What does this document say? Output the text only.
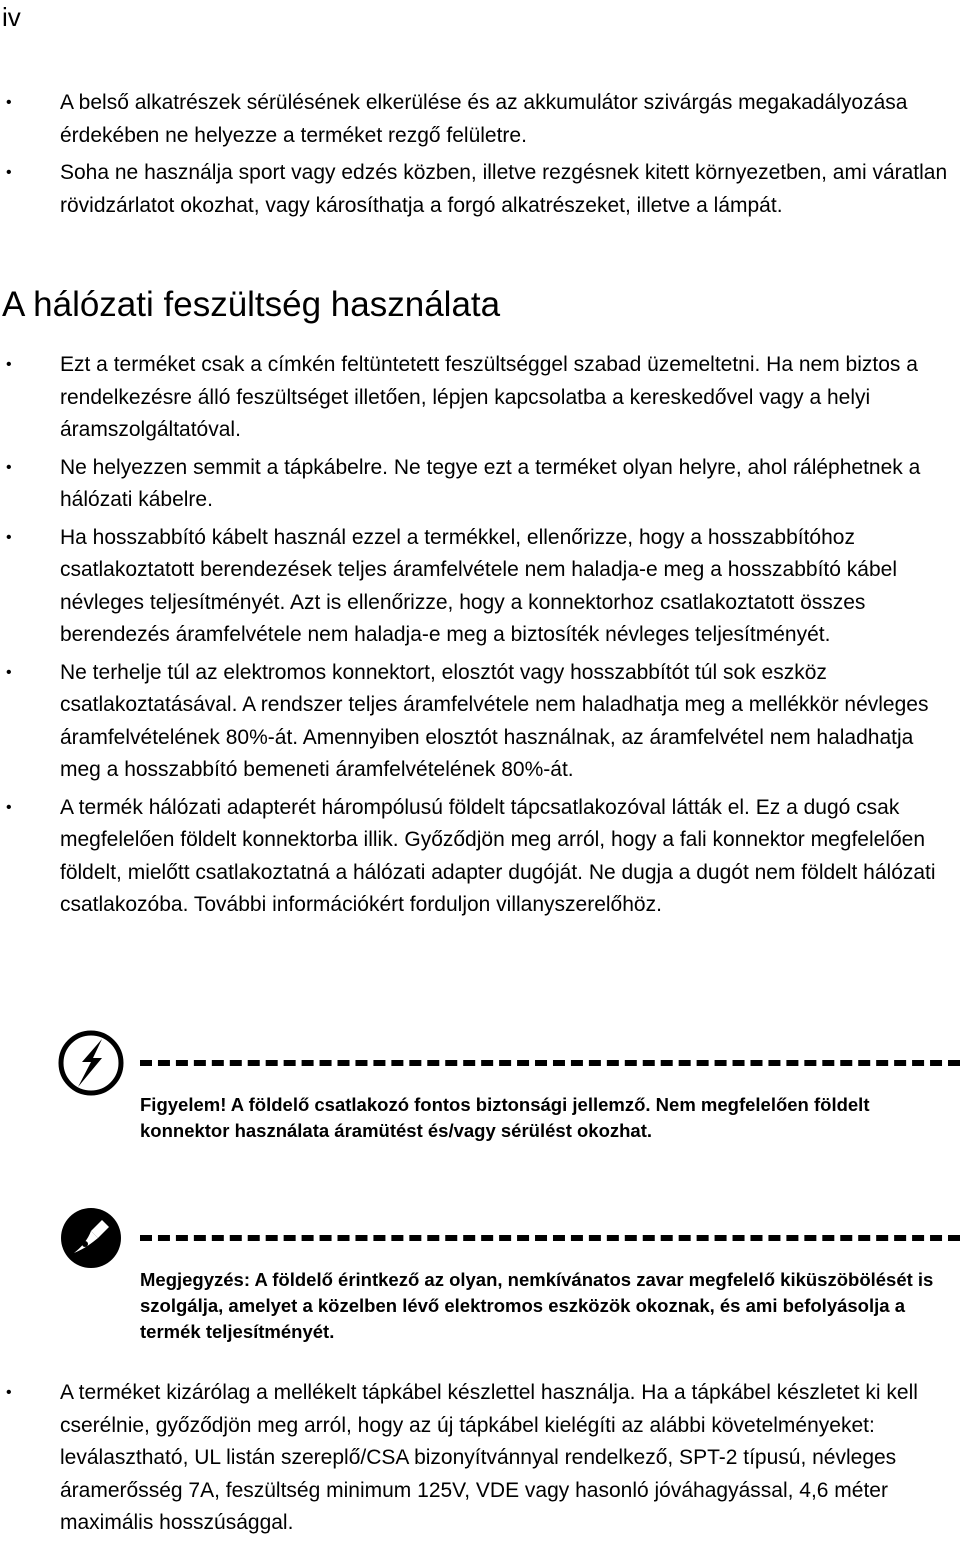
iv
• A belső alkatrészek sérülésének elkerülése és az akkumulátor szivárgás megakadályozása érdekében ne helyezze a terméket rezgő felületre.
• Soha ne használja sport vagy edzés közben, illetve rezgésnek kitett környezetben, ami váratlan rövidzárlatot okozhat, vagy károsíthatja a forgó alkatrészeket, illetve a lámpát.
A hálózati feszültség használata
• Ezt a terméket csak a címkén feltüntetett feszültséggel szabad üzemeltetni. Ha nem biztos a rendelkezésre álló feszültséget illetően, lépjen kapcsolatba a kereskedővel vagy a helyi áramszolgáltatóval.
• Ne helyezzen semmit a tápkábelre. Ne tegye ezt a terméket olyan helyre, ahol ráléphetnek a hálózati kábelre.
• Ha hosszabbító kábelt használ ezzel a termékkel, ellenőrizze, hogy a hosszabbítóhoz csatlakoztatott berendezések teljes áramfelvétele nem haladja-e meg a hosszabbító kábel névleges teljesítményét. Azt is ellenőrizze, hogy a konnektorhoz csatlakoztatott összes berendezés áramfelvétele nem haladja-e meg a biztosíték névleges teljesítményét.
• Ne terhelje túl az elektromos konnektort, elosztót vagy hosszabbítót túl sok eszköz csatlakoztatásával. A rendszer teljes áramfelvétele nem haladhatja meg a mellékkör névleges áramfelvételének 80%-át. Amennyiben elosztót használnak, az áramfelvétel nem haladhatja meg a hosszabbító bemeneti áramfelvételének 80%-át.
• A termék hálózati adapterét hárompólusú földelt tápcsatlakozóval látták el. Ez a dugó csak megfelelően földelt konnektorba illik. Győződjön meg arról, hogy a fali konnektor megfelelően földelt, mielőtt csatlakoztatná a hálózati adapter dugóját. Ne dugja a dugót nem földelt hálózati csatlakozóba. További információkért forduljon villanyszerelőhöz.
Figyelem! A földelő csatlakozó fontos biztonsági jellemző. Nem megfelelően földelt konnektor használata áramütést és/vagy sérülést okozhat.
Megjegyzés: A földelő érintkező az olyan, nemkívánatos zavar megfelelő kiküszöbölését is szolgálja, amelyet a közelben lévő elektromos eszközök okoznak, és ami befolyásolja a termék teljesítményét.
• A terméket kizárólag a mellékelt tápkábel készlettel használja. Ha a tápkábel készletet ki kell cserélnie, győződjön meg arról, hogy az új tápkábel kielégíti az alábbi követelményeket: leválasztható, UL listán szereplő/CSA bizonyítvánnyal rendelkező, SPT-2 típusú, névleges áramerősség 7A, feszültség minimum 125V, VDE vagy hasonló jóváhagyással, 4,6 méter maximális hosszúsággal.
